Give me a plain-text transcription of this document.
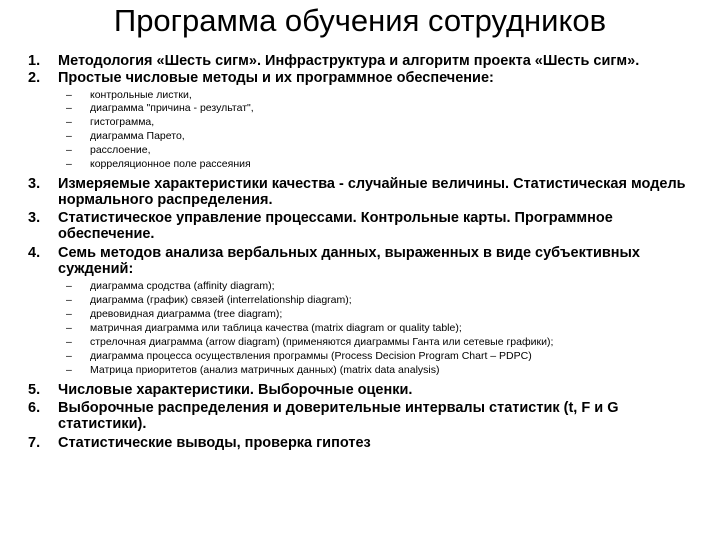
Программа обучения сотрудников
1.	Методология «Шесть сигм». Инфраструктура и алгоритм проекта «Шесть сигм».
2.	Простые числовые методы и их программное обеспечение:
– контрольные листки,
– диаграмма "причина - результат",
– гистограмма,
– диаграмма Парето,
– расслоение,
– корреляционное поле рассеяния
3.	Измеряемые характеристики качества - случайные величины. Статистическая модель нормального распределения.
3.	Статистическое управление процессами. Контрольные карты. Программное обеспечение.
4.	Семь методов анализа вербальных данных, выраженных в виде субъективных суждений:
– диаграмма сродства (affinity diagram);
– диаграмма (график) связей (interrelationship diagram);
– древовидная диаграмма (tree diagram);
– матричная диаграмма или таблица качества (matrix diagram or quality table);
– стрелочная диаграмма (arrow diagram) (применяются диаграммы Ганта или сетевые графики);
– диаграмма процесса осуществления программы (Process Decision Program Chart – PDPC)
– Матрица приоритетов (анализ матричных данных) (matrix data analysis)
5.	Числовые характеристики. Выборочные оценки.
6.	Выборочные распределения и доверительные интервалы статистик (t, F и G статистики).
7.	Статистические выводы, проверка гипотез
